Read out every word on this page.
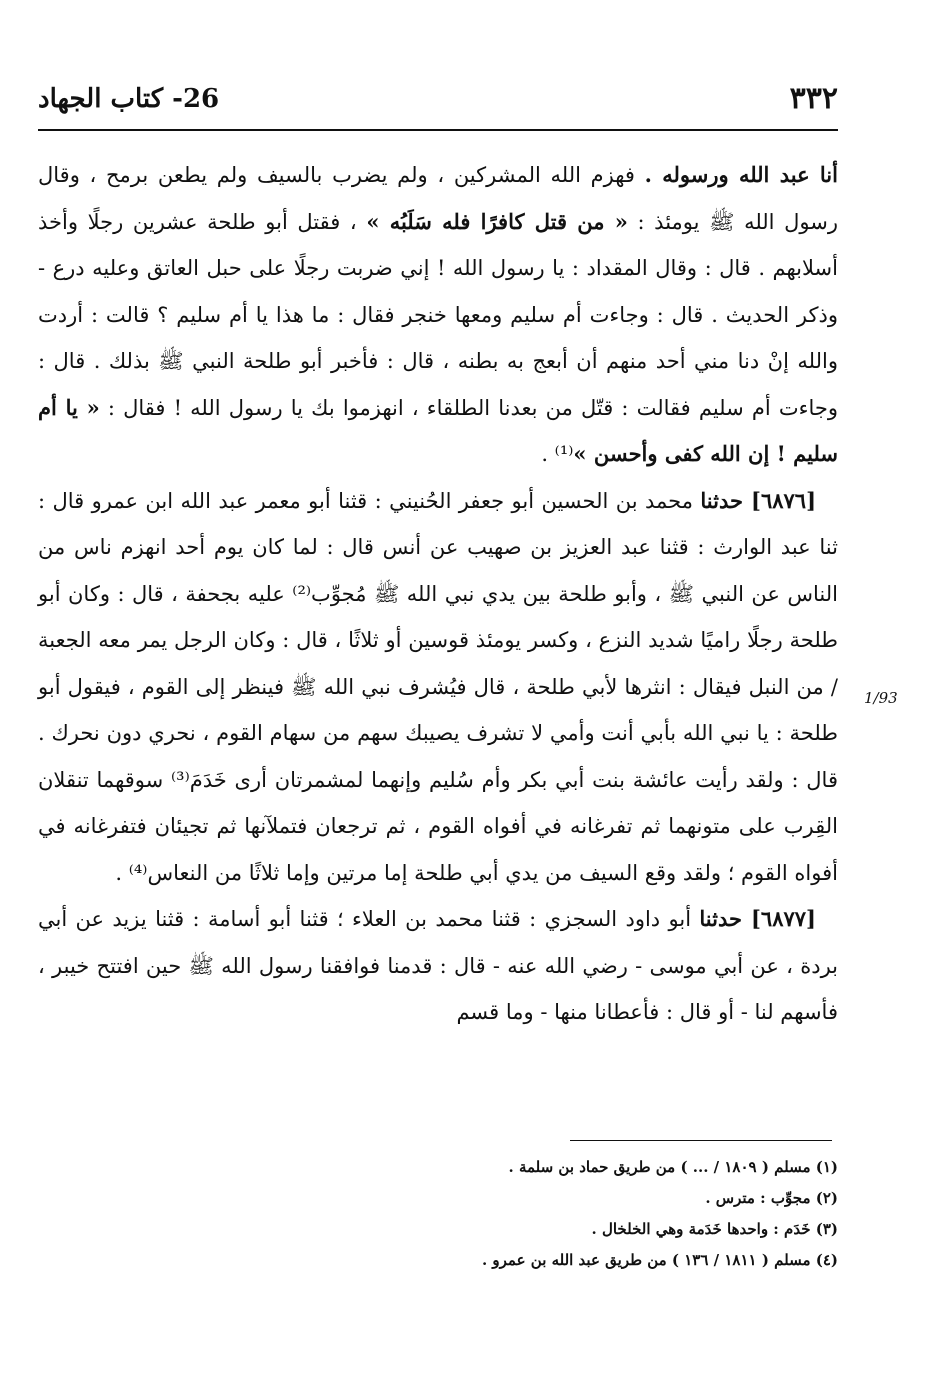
٣٣٢
26- كتاب الجهاد

أنا عبد الله ورسوله . فهزم الله المشركين ، ولم يضرب بالسيف ولم يطعن برمح ، وقال رسول الله ﷺ يومئذ : « من قتل كافرًا فله سَلَبُه » ، فقتل أبو طلحة عشرين رجلًا وأخذ أسلابهم . قال : وقال المقداد : يا رسول الله ! إني ضربت رجلًا على حبل العاتق وعليه درع - وذكر الحديث . قال : وجاءت أم سليم ومعها خنجر فقال : ما هذا يا أم سليم ؟ قالت : أردت والله إنْ دنا مني أحد منهم أن أبعج به بطنه ، قال : فأخبر أبو طلحة النبي ﷺ بذلك . قال : وجاءت أم سليم فقالت : قتّل من بعدنا الطلقاء ، انهزموا بك يا رسول الله ! فقال : « يا أم سليم ! إن الله كفى وأحسن »⁽¹⁾ .

[٦٨٧٦] حدثنا محمد بن الحسين أبو جعفر الحُنيني : قثنا أبو معمر عبد الله ابن عمرو قال : ثنا عبد الوارث : قثنا عبد العزيز بن صهيب عن أنس قال : لما كان يوم أحد انهزم ناس من الناس عن النبي ﷺ ، وأبو طلحة بين يدي نبي الله ﷺ مُجوِّب⁽²⁾ عليه بجحفة ، قال : وكان أبو طلحة رجلًا راميًا شديد النزع ، وكسر يومئذ قوسين أو ثلاثًا ، قال : وكان الرجل يمر معه الجعبة / من النبل فيقال : انثرها لأبي طلحة ، قال فيُشرف نبي الله ﷺ فينظر إلى القوم ، فيقول أبو طلحة : يا نبي الله بأبي أنت وأمي لا تشرف يصيبك سهم من سهام القوم ، نحري دون نحرك . قال : ولقد رأيت عائشة بنت أبي بكر وأم سُليم وإنهما لمشمرتان أرى خَدَمَ⁽³⁾ سوقهما تنقلان القِرب على متونهما ثم تفرغانه في أفواه القوم ، ثم ترجعان فتملآنها ثم تجيئان فتفرغانه في أفواه القوم ؛ ولقد وقع السيف من يدي أبي طلحة إما مرتين وإما ثلاثًا من النعاس⁽⁴⁾ .

[٦٨٧٧] حدثنا أبو داود السجزي : قثنا محمد بن العلاء ؛ قثنا أبو أسامة : قثنا يزيد عن أبي بردة ، عن أبي موسى - رضي الله عنه - قال : قدمنا فوافقنا رسول الله ﷺ حين افتتح خيبر ، فأسهم لنا - أو قال : فأعطانا منها - وما قسم

1/93
(١) مسلم ( ١٨٠٩ / ... ) من طريق حماد بن سلمة .
(٢) مجوِّب : مترس .
(٣) خَدَم : واحدها خَدَمة وهي الخلخال .
(٤) مسلم ( ١٨١١ / ١٣٦ ) من طريق عبد الله بن عمرو .
